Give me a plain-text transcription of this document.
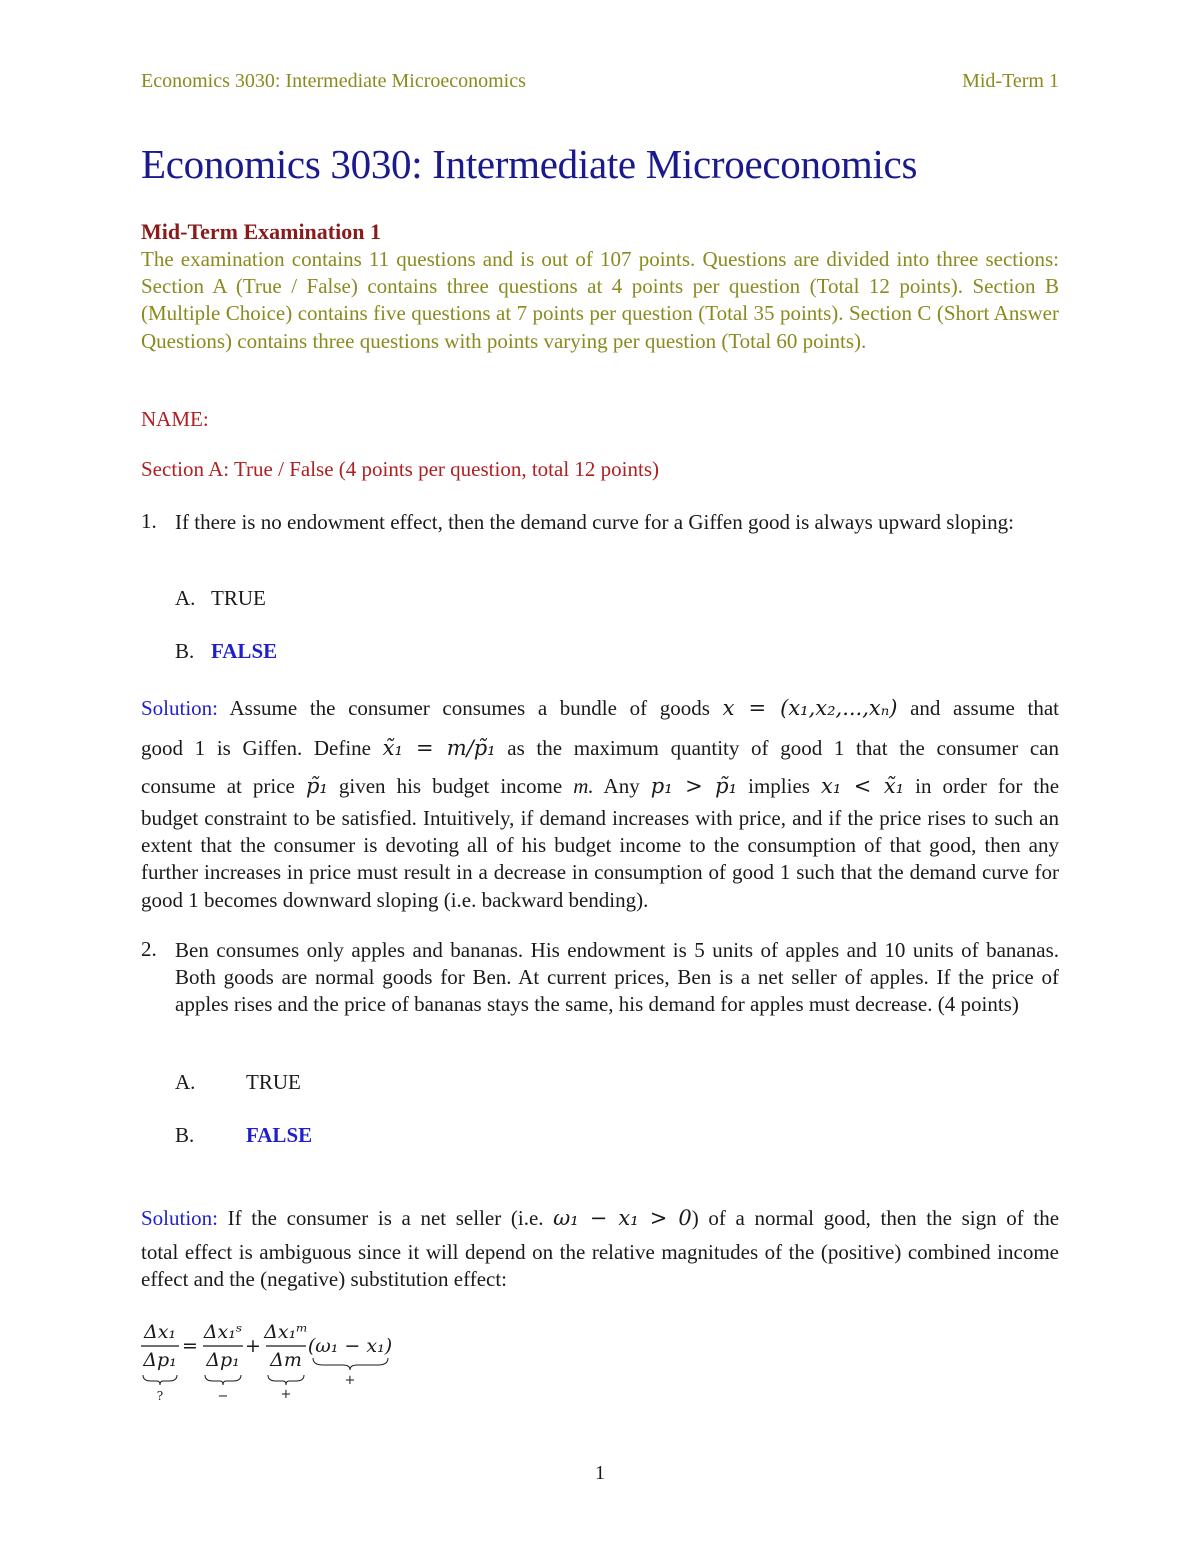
Economics 3030: Intermediate Microeconomics	Mid-Term 1
Economics 3030: Intermediate Microeconomics
Mid-Term Examination 1
The examination contains 11 questions and is out of 107 points. Questions are divided into three sections: Section A (True / False) contains three questions at 4 points per question (Total 12 points). Section B (Multiple Choice) contains five questions at 7 points per question (Total 35 points). Section C (Short Answer Questions) contains three questions with points varying per question (Total 60 points).
NAME:
Section A: True / False (4 points per question, total 12 points)
1. If there is no endowment effect, then the demand curve for a Giffen good is always upward sloping:
A. TRUE
B. FALSE
Solution: Assume the consumer consumes a bundle of goods x = (x₁,x₂,...,xₙ) and assume that
good 1 is Giffen. Define x̃₁ = m/p̃₁ as the maximum quantity of good 1 that the consumer can
consume at price p̃₁ given his budget income m. Any p₁ > p̃₁ implies x₁ < x̃₁ in order for the
budget constraint to be satisfied. Intuitively, if demand increases with price, and if the price rises to such an extent that the consumer is devoting all of his budget income to the consumption of that good, then any further increases in price must result in a decrease in consumption of good 1 such that the demand curve for good 1 becomes downward sloping (i.e. backward bending).
2. Ben consumes only apples and bananas. His endowment is 5 units of apples and 10 units of bananas. Both goods are normal goods for Ben. At current prices, Ben is a net seller of apples. If the price of apples rises and the price of bananas stays the same, his demand for apples must decrease. (4 points)
A. TRUE
B. FALSE
Solution: If the consumer is a net seller (i.e. ω₁ − x₁ > 0) of a normal good, then the sign of the
total effect is ambiguous since it will depend on the relative magnitudes of the (positive) combined income effect and the (negative) substitution effect:
Δx₁
Δp₁
?
=
Δx₁ˢ
Δp₁
−
+
Δx₁ᵐ
Δm
+
(ω₁ − x₁)
+
1
